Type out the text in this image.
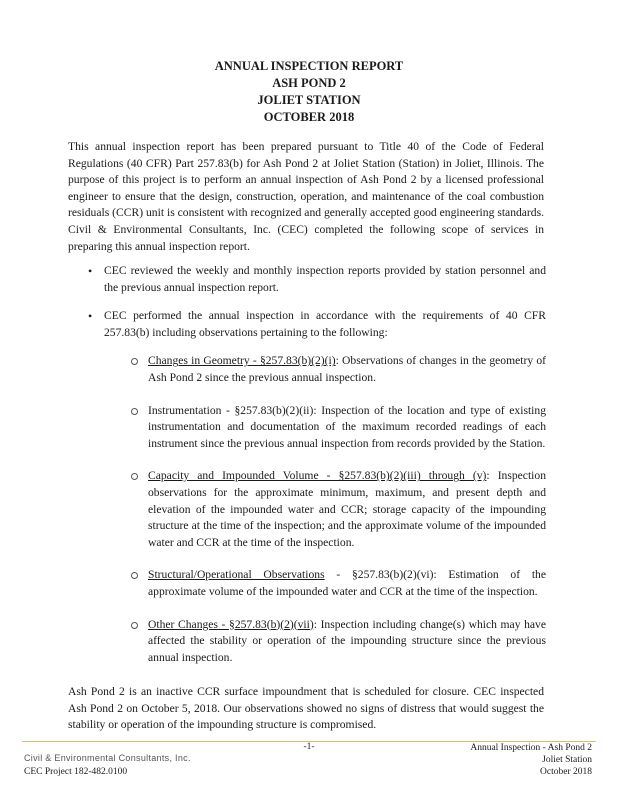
ANNUAL INSPECTION REPORT
ASH POND 2
JOLIET STATION
OCTOBER 2018

This annual inspection report has been prepared pursuant to Title 40 of the Code of Federal Regulations (40 CFR) Part 257.83(b) for Ash Pond 2 at Joliet Station (Station) in Joliet, Illinois. The purpose of this project is to perform an annual inspection of Ash Pond 2 by a licensed professional engineer to ensure that the design, construction, operation, and maintenance of the coal combustion residuals (CCR) unit is consistent with recognized and generally accepted good engineering standards. Civil & Environmental Consultants, Inc. (CEC) completed the following scope of services in preparing this annual inspection report.

• CEC reviewed the weekly and monthly inspection reports provided by station personnel and the previous annual inspection report.
• CEC performed the annual inspection in accordance with the requirements of 40 CFR 257.83(b) including observations pertaining to the following:
Changes in Geometry - §257.83(b)(2)(i): Observations of changes in the geometry of Ash Pond 2 since the previous annual inspection.
Instrumentation - §257.83(b)(2)(ii): Inspection of the location and type of existing instrumentation and documentation of the maximum recorded readings of each instrument since the previous annual inspection from records provided by the Station.
Capacity and Impounded Volume - §257.83(b)(2)(iii) through (v): Inspection observations for the approximate minimum, maximum, and present depth and elevation of the impounded water and CCR; storage capacity of the impounding structure at the time of the inspection; and the approximate volume of the impounded water and CCR at the time of the inspection.
Structural/Operational Observations - §257.83(b)(2)(vi): Estimation of the approximate volume of the impounded water and CCR at the time of the inspection.
Other Changes - §257.83(b)(2)(vii): Inspection including change(s) which may have affected the stability or operation of the impounding structure since the previous annual inspection.

Ash Pond 2 is an inactive CCR surface impoundment that is scheduled for closure. CEC inspected Ash Pond 2 on October 5, 2018. Our observations showed no signs of distress that would suggest the stability or operation of the impounding structure is compromised.

Civil & Environmental Consultants, Inc.
CEC Project 182-482.0100
-1-	Annual Inspection - Ash Pond 2
Joliet Station
October 2018
